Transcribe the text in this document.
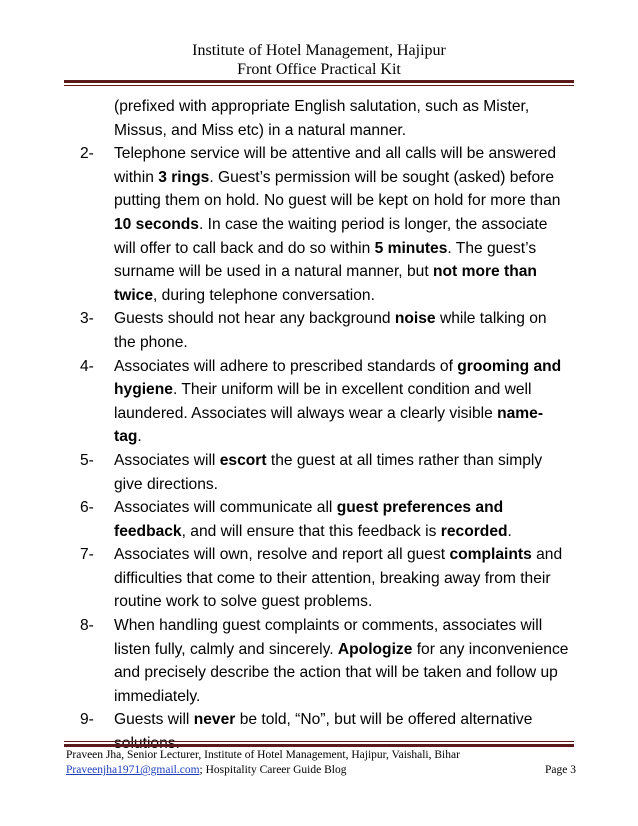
Institute of Hotel Management, Hajipur
Front Office Practical Kit
(prefixed with appropriate English salutation, such as Mister, Missus, and Miss etc) in a natural manner.
2-	Telephone service will be attentive and all calls will be answered within 3 rings. Guest’s permission will be sought (asked) before putting them on hold. No guest will be kept on hold for more than 10 seconds. In case the waiting period is longer, the associate will offer to call back and do so within 5 minutes. The guest’s surname will be used in a natural manner, but not more than twice, during telephone conversation.
3-	Guests should not hear any background noise while talking on the phone.
4-	Associates will adhere to prescribed standards of grooming and hygiene. Their uniform will be in excellent condition and well laundered. Associates will always wear a clearly visible name-tag.
5-	Associates will escort the guest at all times rather than simply give directions.
6-	Associates will communicate all guest preferences and feedback, and will ensure that this feedback is recorded.
7-	Associates will own, resolve and report all guest complaints and difficulties that come to their attention, breaking away from their routine work to solve guest problems.
8-	When handling guest complaints or comments, associates will listen fully, calmly and sincerely. Apologize for any inconvenience and precisely describe the action that will be taken and follow up immediately.
9-	Guests will never be told, “No”, but will be offered alternative
Praveen Jha, Senior Lecturer, Institute of Hotel Management, Hajipur, Vaishali, Bihar
Praveenjha1971@gmail.com; Hospitality Career Guide Blog	Page 3
